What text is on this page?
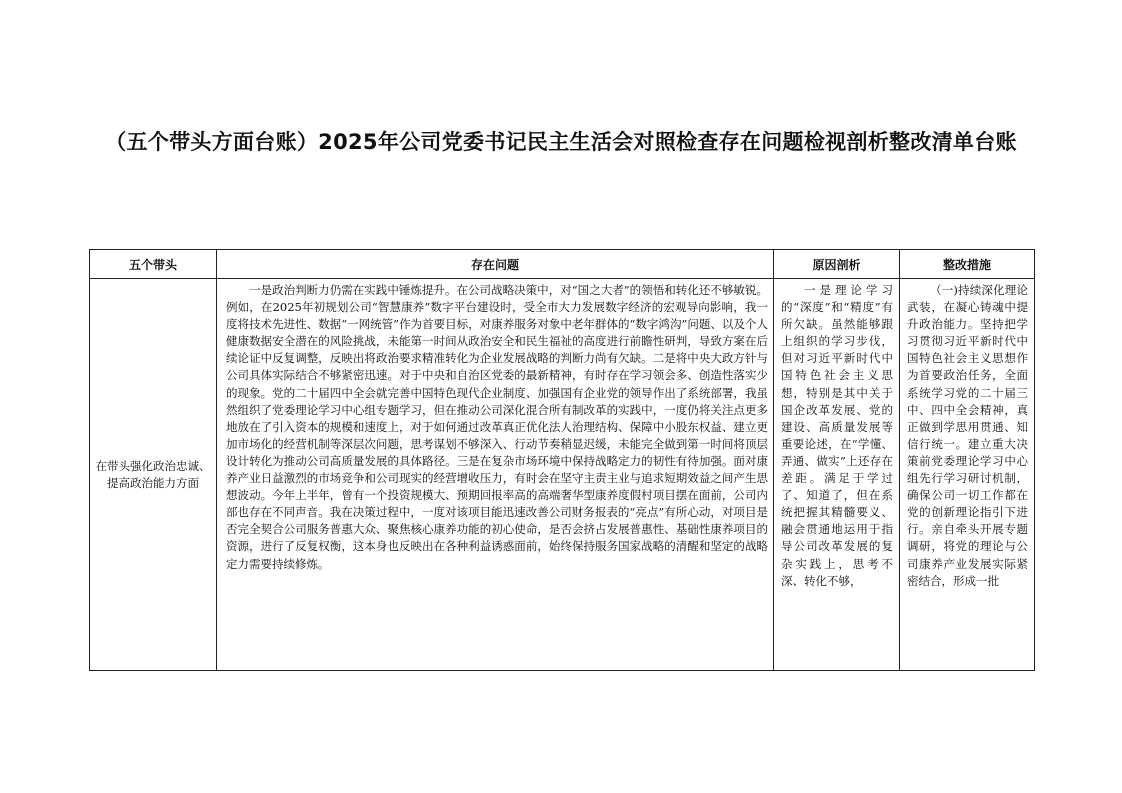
（五个带头方面台账）2025年公司党委书记民主生活会对照检查存在问题检视剖析整改清单台账
五个带头	存在问题	原因剖析	整改措施
在带头强化政治忠诚、提高政治能力方面	一是政治判断力仍需在实践中锤炼提升。在公司战略决策中，对“国之大者”的领悟和转化还不够敏锐。例如，在2025年初规划公司“智慧康养”数字平台建设时，受全市大力发展数字经济的宏观导向影响，我一度将技术先进性、数据“一网统管”作为首要目标，对康养服务对象中老年群体的“数字鸿沟”问题、以及个人健康数据安全潜在的风险挑战，未能第一时间从政治安全和民生福祉的高度进行前瞻性研判，导致方案在后续论证中反复调整，反映出将政治要求精准转化为企业发展战略的判断力尚有欠缺。二是将中央大政方针与公司具体实际结合不够紧密迅速。对于中央和自治区党委的最新精神，有时存在学习领会多、创造性落实少的现象。党的二十届四中全会就完善中国特色现代企业制度、加强国有企业党的领导作出了系统部署，我虽然组织了党委理论学习中心组专题学习，但在推动公司深化混合所有制改革的实践中，一度仍将关注点更多地放在了引入资本的规模和速度上，对于如何通过改革真正优化法人治理结构、保障中小股东权益、建立更加市场化的经营机制等深层次问题，思考谋划不够深入、行动节奏稍显迟缓，未能完全做到第一时间将顶层设计转化为推动公司高质量发展的具体路径。三是在复杂市场环境中保持战略定力的韧性有待加强。面对康养产业日益激烈的市场竞争和公司现实的经营增收压力，有时会在坚守主责主业与追求短期效益之间产生思想波动。今年上半年，曾有一个投资规模大、预期回报率高的高端奢华型康养度假村项目摆在面前，公司内部也存在不同声音。我在决策过程中，一度对该项目能迅速改善公司财务报表的“亮点”有所心动，对项目是否完全契合公司服务普惠大众、聚焦核心康养功能的初心使命，是否会挤占发展普惠性、基础性康养项目的资源，进行了反复权衡，这本身也反映出在各种利益诱惑面前，始终保持服务国家战略的清醒和坚定的战略定力需要持续修炼。	一是理论学习的“深度”和“精度”有所欠缺。虽然能够跟上组织的学习步伐，但对习近平新时代中国特色社会主义思想，特别是其中关于国企改革发展、党的建设、高质量发展等重要论述，在“学懂、弄通、做实”上还存在差距。满足于学过了、知道了，但在系统把握其精髓要义、融会贯通地运用于指导公司改革发展的复杂实践上，思考不深、转化不够，	（一)持续深化理论武装，在凝心铸魂中提升政治能力。坚持把学习贯彻习近平新时代中国特色社会主义思想作为首要政治任务，全面系统学习党的二十届三中、四中全会精神，真正做到学思用贯通、知信行统一。建立重大决策前党委理论学习中心组先行学习研讨机制，确保公司一切工作都在党的创新理论指引下进行。亲自牵头开展专题调研，将党的理论与公司康养产业发展实际紧密结合，形成一批
